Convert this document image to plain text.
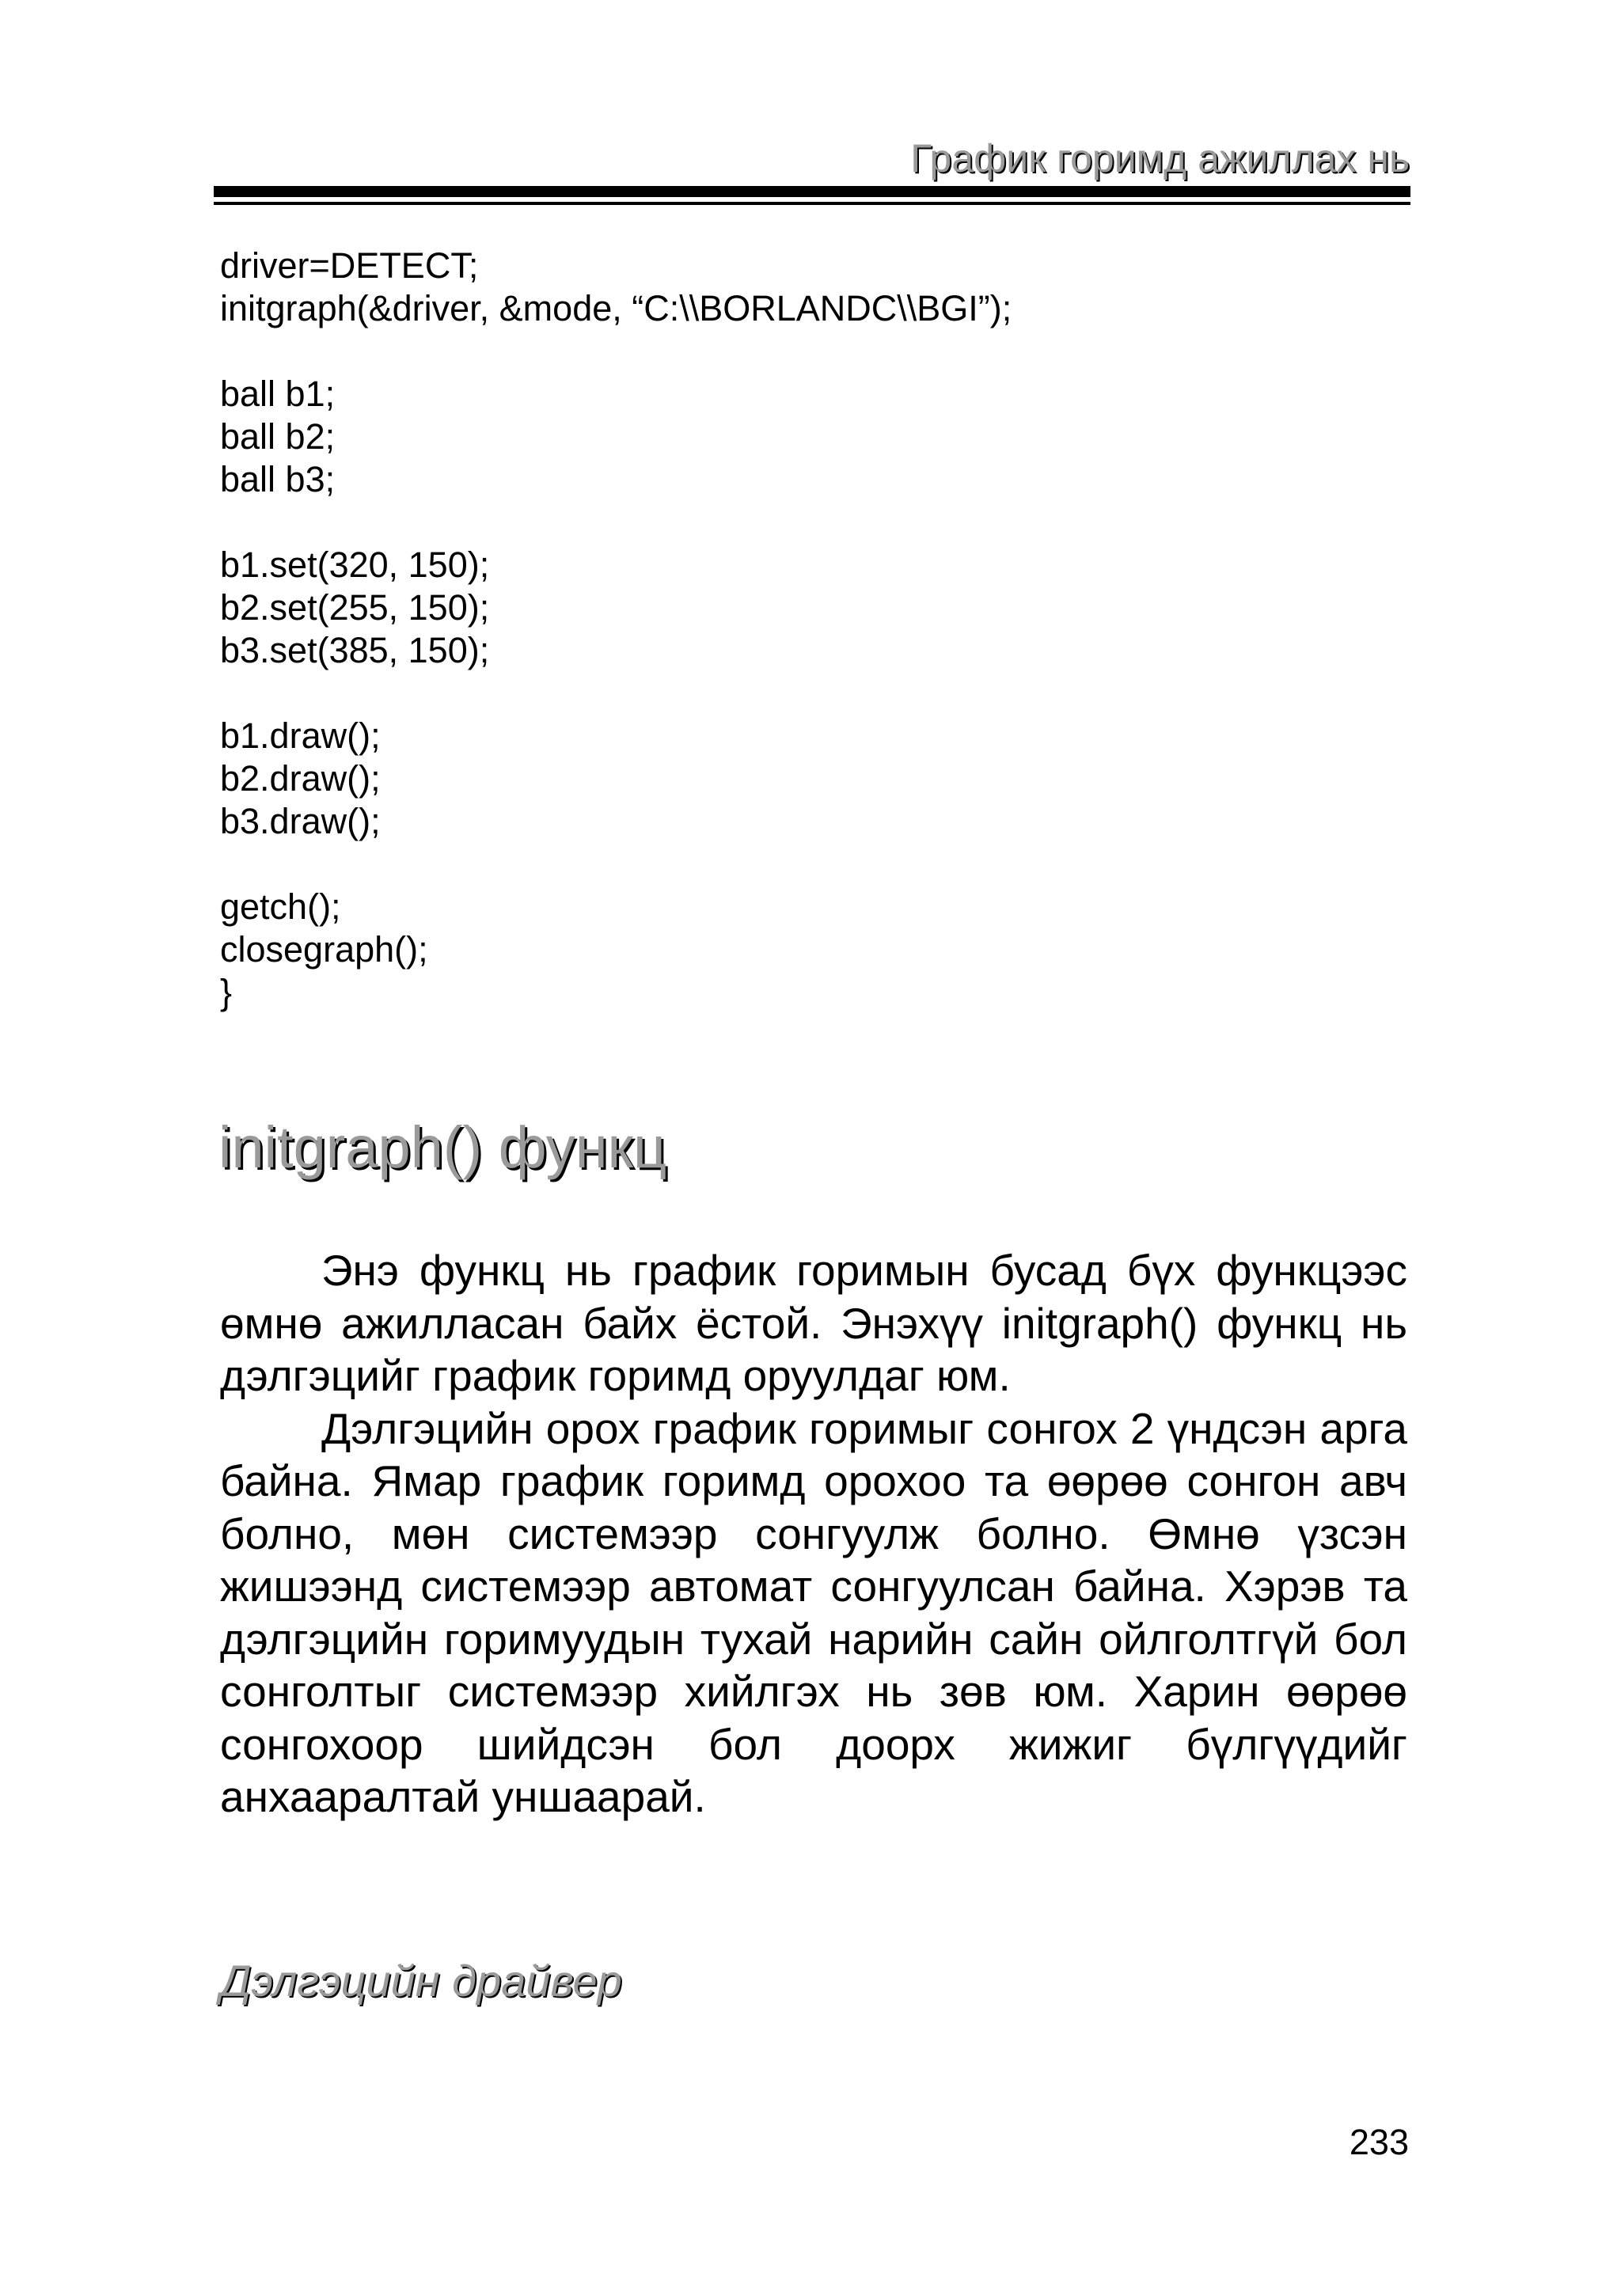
График горимд ажиллах нь
driver=DETECT;
initgraph(&driver, &mode, “C:\\BORLANDC\\BGI”);
ball b1;
ball b2;
ball b3;
b1.set(320, 150);
b2.set(255, 150);
b3.set(385, 150);
b1.draw();
b2.draw();
b3.draw();
getch();
closegraph();
}
initgraph() функц

Энэ функц нь график горимын бусад бүх функцээс өмнө ажилласан байх ёстой. Энэхүү initgraph() функц нь дэлгэцийг график горимд оруулдаг юм.

Дэлгэцийн орох график горимыг сонгох 2 үндсэн арга байна. Ямар график горимд орохоо та өөрөө сонгон авч болно, мөн системээр сонгуулж болно. Өмнө үзсэн жишээнд системээр автомат сонгуулсан байна. Хэрэв та дэлгэцийн горимуудын тухай нарийн сайн ойлголтгүй бол сонголтыг системээр хийлгэх нь зөв юм. Харин өөрөө сонгохоор шийдсэн бол доорх жижиг бүлгүүдийг анхааралтай уншаарай.

Дэлгэцийн драйвер
233
